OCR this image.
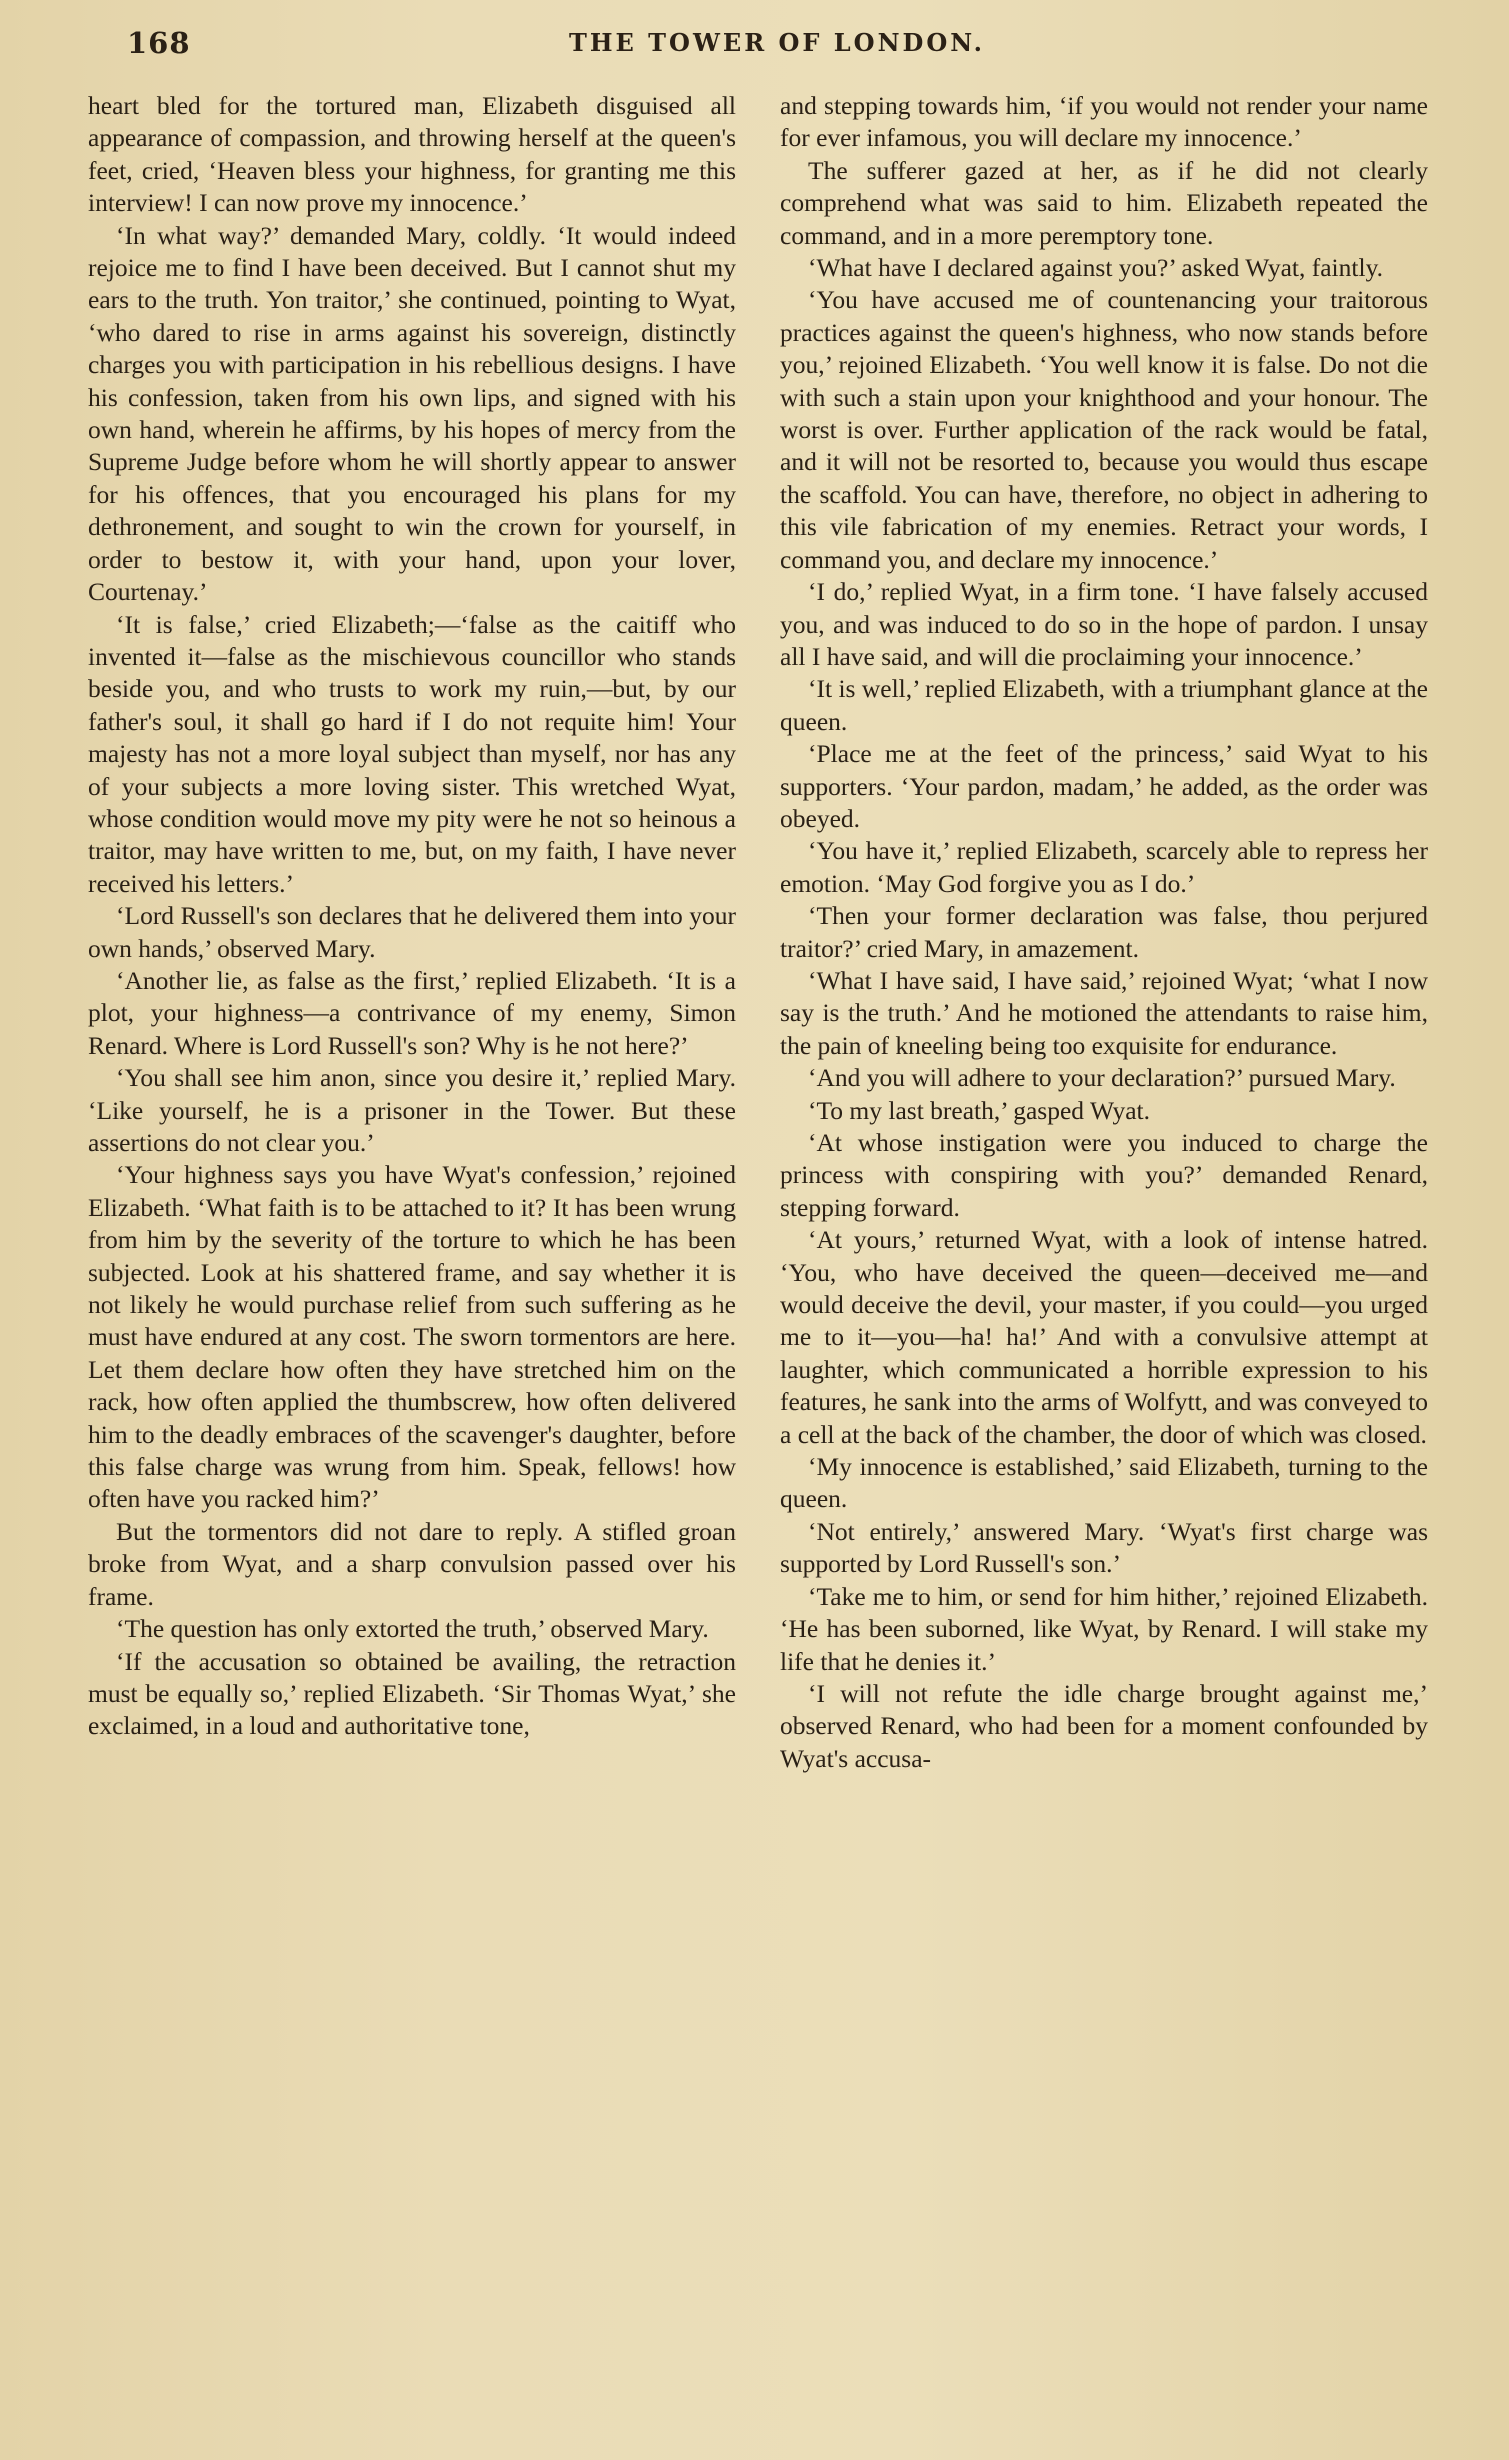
168	THE TOWER OF LONDON.

heart bled for the tortured man, Elizabeth disguised all appearance of compassion, and throwing herself at the queen's feet, cried, ‘Heaven bless your highness, for granting me this interview! I can now prove my innocence.’

‘In what way?’ demanded Mary, coldly. ‘It would indeed rejoice me to find I have been deceived. But I cannot shut my ears to the truth. Yon traitor,’ she continued, pointing to Wyat, ‘who dared to rise in arms against his sovereign, distinctly charges you with participation in his rebellious designs. I have his confession, taken from his own lips, and signed with his own hand, wherein he affirms, by his hopes of mercy from the Supreme Judge before whom he will shortly appear to answer for his offences, that you encouraged his plans for my dethronement, and sought to win the crown for yourself, in order to bestow it, with your hand, upon your lover, Courtenay.’

‘It is false,’ cried Elizabeth;—‘false as the caitiff who invented it—false as the mischievous councillor who stands beside you, and who trusts to work my ruin,—but, by our father's soul, it shall go hard if I do not requite him! Your majesty has not a more loyal subject than myself, nor has any of your subjects a more loving sister. This wretched Wyat, whose condition would move my pity were he not so heinous a traitor, may have written to me, but, on my faith, I have never received his letters.’

‘Lord Russell's son declares that he delivered them into your own hands,’ observed Mary.

‘Another lie, as false as the first,’ replied Elizabeth. ‘It is a plot, your highness—a contrivance of my enemy, Simon Renard. Where is Lord Russell's son? Why is he not here?’

‘You shall see him anon, since you desire it,’ replied Mary. ‘Like yourself, he is a prisoner in the Tower. But these assertions do not clear you.’

‘Your highness says you have Wyat's confession,’ rejoined Elizabeth. ‘What faith is to be attached to it? It has been wrung from him by the severity of the torture to which he has been subjected. Look at his shattered frame, and say whether it is not likely he would purchase relief from such suffering as he must have endured at any cost. The sworn tormentors are here. Let them declare how often they have stretched him on the rack, how often applied the thumbscrew, how often delivered him to the deadly embraces of the scavenger's daughter, before this false charge was wrung from him. Speak, fellows! how often have you racked him?’

But the tormentors did not dare to reply. A stifled groan broke from Wyat, and a sharp convulsion passed over his frame.

‘The question has only extorted the truth,’ observed Mary.

‘If the accusation so obtained be availing, the retraction must be equally so,’ replied Elizabeth. ‘Sir Thomas Wyat,’ she exclaimed, in a loud and authoritative tone,

and stepping towards him, ‘if you would not render your name for ever infamous, you will declare my innocence.’

The sufferer gazed at her, as if he did not clearly comprehend what was said to him. Elizabeth repeated the command, and in a more peremptory tone.

‘What have I declared against you?’ asked Wyat, faintly.

‘You have accused me of countenancing your traitorous practices against the queen's highness, who now stands before you,’ rejoined Elizabeth. ‘You well know it is false. Do not die with such a stain upon your knighthood and your honour. The worst is over. Further application of the rack would be fatal, and it will not be resorted to, because you would thus escape the scaffold. You can have, therefore, no object in adhering to this vile fabrication of my enemies. Retract your words, I command you, and declare my innocence.’

‘I do,’ replied Wyat, in a firm tone. ‘I have falsely accused you, and was induced to do so in the hope of pardon. I unsay all I have said, and will die proclaiming your innocence.’

‘It is well,’ replied Elizabeth, with a triumphant glance at the queen.

‘Place me at the feet of the princess,’ said Wyat to his supporters. ‘Your pardon, madam,’ he added, as the order was obeyed.

‘You have it,’ replied Elizabeth, scarcely able to repress her emotion. ‘May God forgive you as I do.’

‘Then your former declaration was false, thou perjured traitor?’ cried Mary, in amazement.

‘What I have said, I have said,’ rejoined Wyat; ‘what I now say is the truth.’ And he motioned the attendants to raise him, the pain of kneeling being too exquisite for endurance.

‘And you will adhere to your declaration?’ pursued Mary.

‘To my last breath,’ gasped Wyat.

‘At whose instigation were you induced to charge the princess with conspiring with you?’ demanded Renard, stepping forward.

‘At yours,’ returned Wyat, with a look of intense hatred. ‘You, who have deceived the queen—deceived me—and would deceive the devil, your master, if you could—you urged me to it—you—ha! ha!’ And with a convulsive attempt at laughter, which communicated a horrible expression to his features, he sank into the arms of Wolfytt, and was conveyed to a cell at the back of the chamber, the door of which was closed.

‘My innocence is established,’ said Elizabeth, turning to the queen.

‘Not entirely,’ answered Mary. ‘Wyat's first charge was supported by Lord Russell's son.’

‘Take me to him, or send for him hither,’ rejoined Elizabeth. ‘He has been suborned, like Wyat, by Renard. I will stake my life that he denies it.’

‘I will not refute the idle charge brought against me,’ observed Renard, who had been for a moment confounded by Wyat's accusa-
